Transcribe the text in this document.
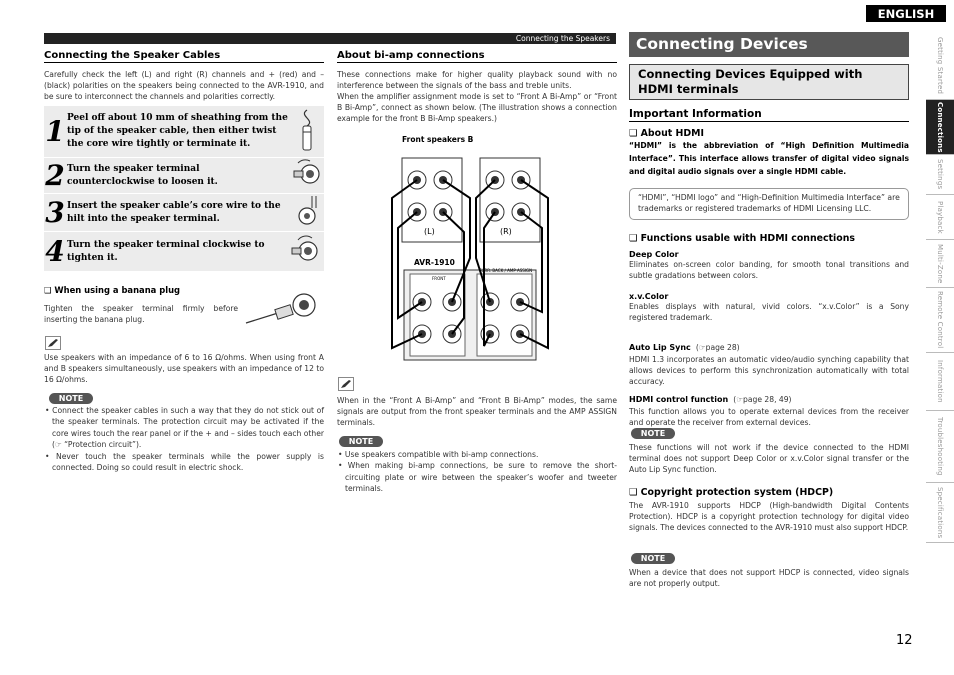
ENGLISH
Connecting the Speakers
Connecting the Speaker Cables
Carefully check the left (L) and right (R) channels and + (red) and – (black) polarities on the speakers being connected to the AVR-1910, and be sure to interconnect the channels and polarities correctly.
1 Peel off about 10 mm of sheathing from the tip of the speaker cable, then either twist the core wire tightly or terminate it.
2 Turn the speaker terminal counterclockwise to loosen it.
3 Insert the speaker cable’s core wire to the hilt into the speaker terminal.
4 Turn the speaker terminal clockwise to tighten it.
❑ When using a banana plug
Tighten the speaker terminal firmly before inserting the banana plug.
Use speakers with an impedance of 6 to 16 Ω/ohms. When using front A and B speakers simultaneously, use speakers with an impedance of 12 to 16 Ω/ohms.
NOTE
• Connect the speaker cables in such a way that they do not stick out of the speaker terminals. The protection circuit may be activated if the core wires touch the rear panel or if the + and – sides touch each other (☞ “Protection circuit”).
• Never touch the speaker terminals while the power supply is connected. Doing so could result in electric shock.
About bi-amp connections
These connections make for higher quality playback sound with no interference between the signals of the bass and treble units.
When the amplifier assignment mode is set to “Front A Bi-Amp” or “Front B Bi-Amp”, connect as shown below. (The illustration shows a connection example for the front B Bi-Amp speakers.)
Front speakers B
(L)	(R)
AVR-1910
FRONT
SURR. BACK / AMP ASSIGN
When in the “Front A Bi-Amp” and “Front B Bi-Amp” modes, the same signals are output from the front speaker terminals and the AMP ASSIGN terminals.
NOTE
• Use speakers compatible with bi-amp connections.
• When making bi-amp connections, be sure to remove the short-circuiting plate or wire between the speaker’s woofer and tweeter terminals.
Connecting Devices
Connecting Devices Equipped with HDMI terminals
Important Information
❑ About HDMI
“HDMI” is the abbreviation of “High Definition Multimedia Interface”. This interface allows transfer of digital video signals and digital audio signals over a single HDMI cable.
“HDMI”, “HDMI logo” and “High-Definition Multimedia Interface” are trademarks or registered trademarks of HDMI Licensing LLC.
❑ Functions usable with HDMI connections
Deep Color
Eliminates on-screen color banding, for smooth tonal transitions and subtle gradations between colors.
x.v.Color
Enables displays with natural, vivid colors. “x.v.Color” is a Sony registered trademark.
Auto Lip Sync (☞page 28)
HDMI 1.3 incorporates an automatic video/audio synching capability that allows devices to perform this synchronization automatically with total accuracy.
HDMI control function (☞page 28, 49)
This function allows you to operate external devices from the receiver and operate the receiver from external devices.
NOTE
These functions will not work if the device connected to the HDMI terminal does not support Deep Color or x.v.Color signal transfer or the Auto Lip Sync function.
❑ Copyright protection system (HDCP)
The AVR-1910 supports HDCP (High-bandwidth Digital Contents Protection). HDCP is a copyright protection technology for digital video signals. The devices connected to the AVR-1910 must also support HDCP.
NOTE
When a device that does not support HDCP is connected, video signals are not properly output.
Getting Started
Connections
Settings
Playback
Multi-Zone
Remote Control
Information
Troubleshooting
Specifications
12
